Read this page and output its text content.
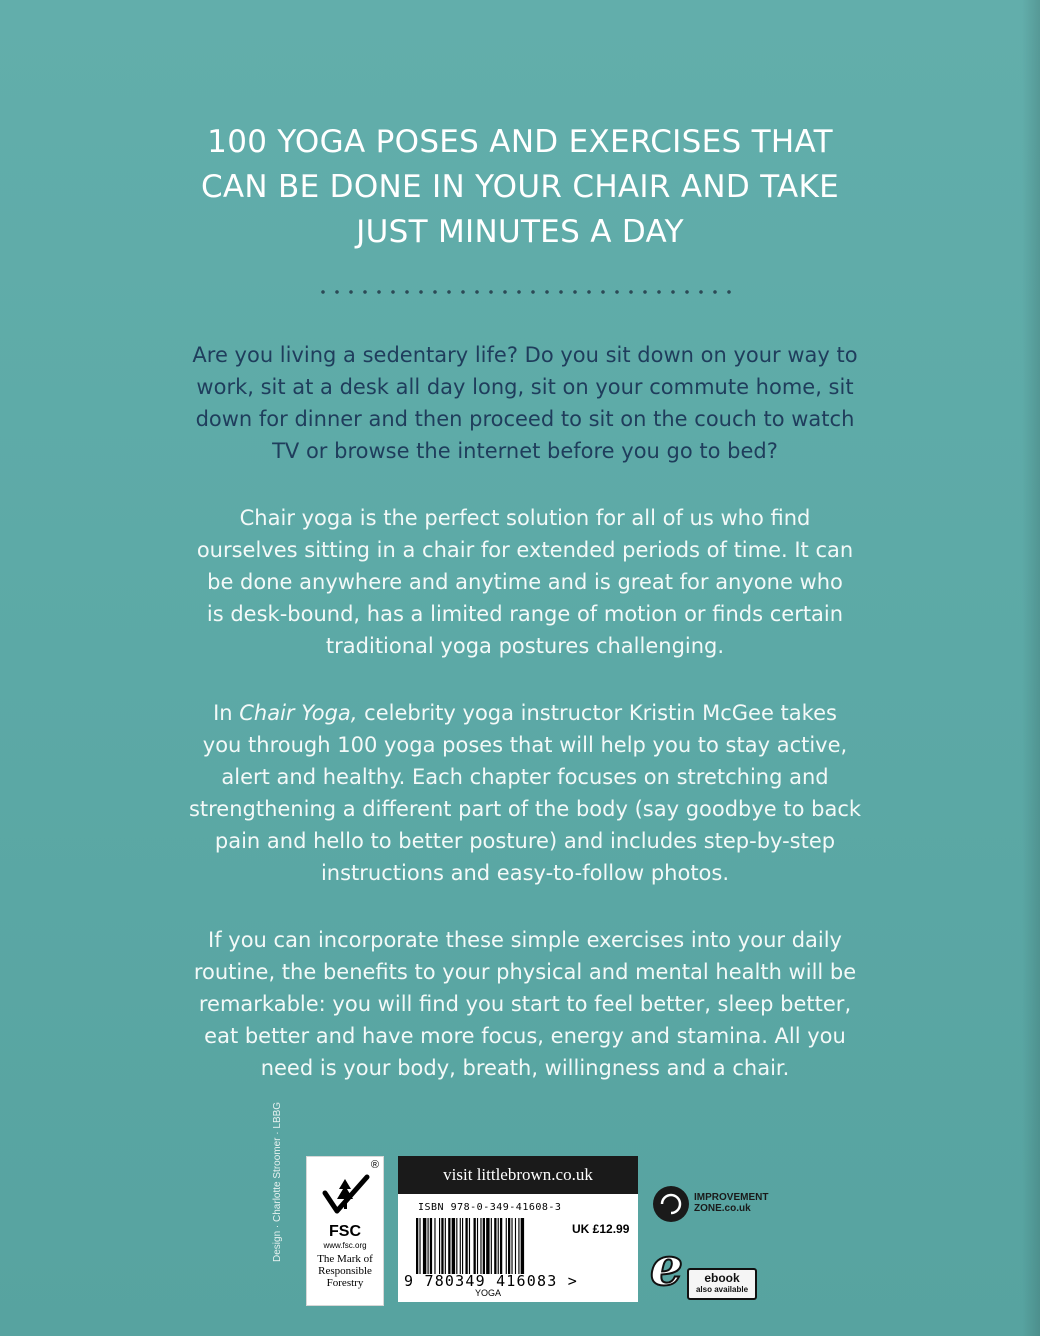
100 YOGA POSES AND EXERCISES THAT
CAN BE DONE IN YOUR CHAIR AND TAKE
JUST MINUTES A DAY
Are you living a sedentary life? Do you sit down on your way to
work, sit at a desk all day long, sit on your commute home, sit
down for dinner and then proceed to sit on the couch to watch
TV or browse the internet before you go to bed?
Chair yoga is the perfect solution for all of us who find
ourselves sitting in a chair for extended periods of time. It can
be done anywhere and anytime and is great for anyone who
is desk-bound, has a limited range of motion or finds certain
traditional yoga postures challenging.
In Chair Yoga, celebrity yoga instructor Kristin McGee takes
you through 100 yoga poses that will help you to stay active,
alert and healthy. Each chapter focuses on stretching and
strengthening a different part of the body (say goodbye to back
pain and hello to better posture) and includes step-by-step
instructions and easy-to-follow photos.
If you can incorporate these simple exercises into your daily
routine, the benefits to your physical and mental health will be
remarkable: you will find you start to feel better, sleep better,
eat better and have more focus, energy and stamina. All you
need is your body, breath, willingness and a chair.
Design · Charlotte Stroomer · LBBG	®
FSC
www.fsc.org
The Mark of
Responsible
Forestry
visit littlebrown.co.uk
ISBN 978-0-349-41608-3
UK £12.99
9 780349 416083 >
YOGA
IMPROVEMENT
ZONE.co.uk
e	ebook
also available
